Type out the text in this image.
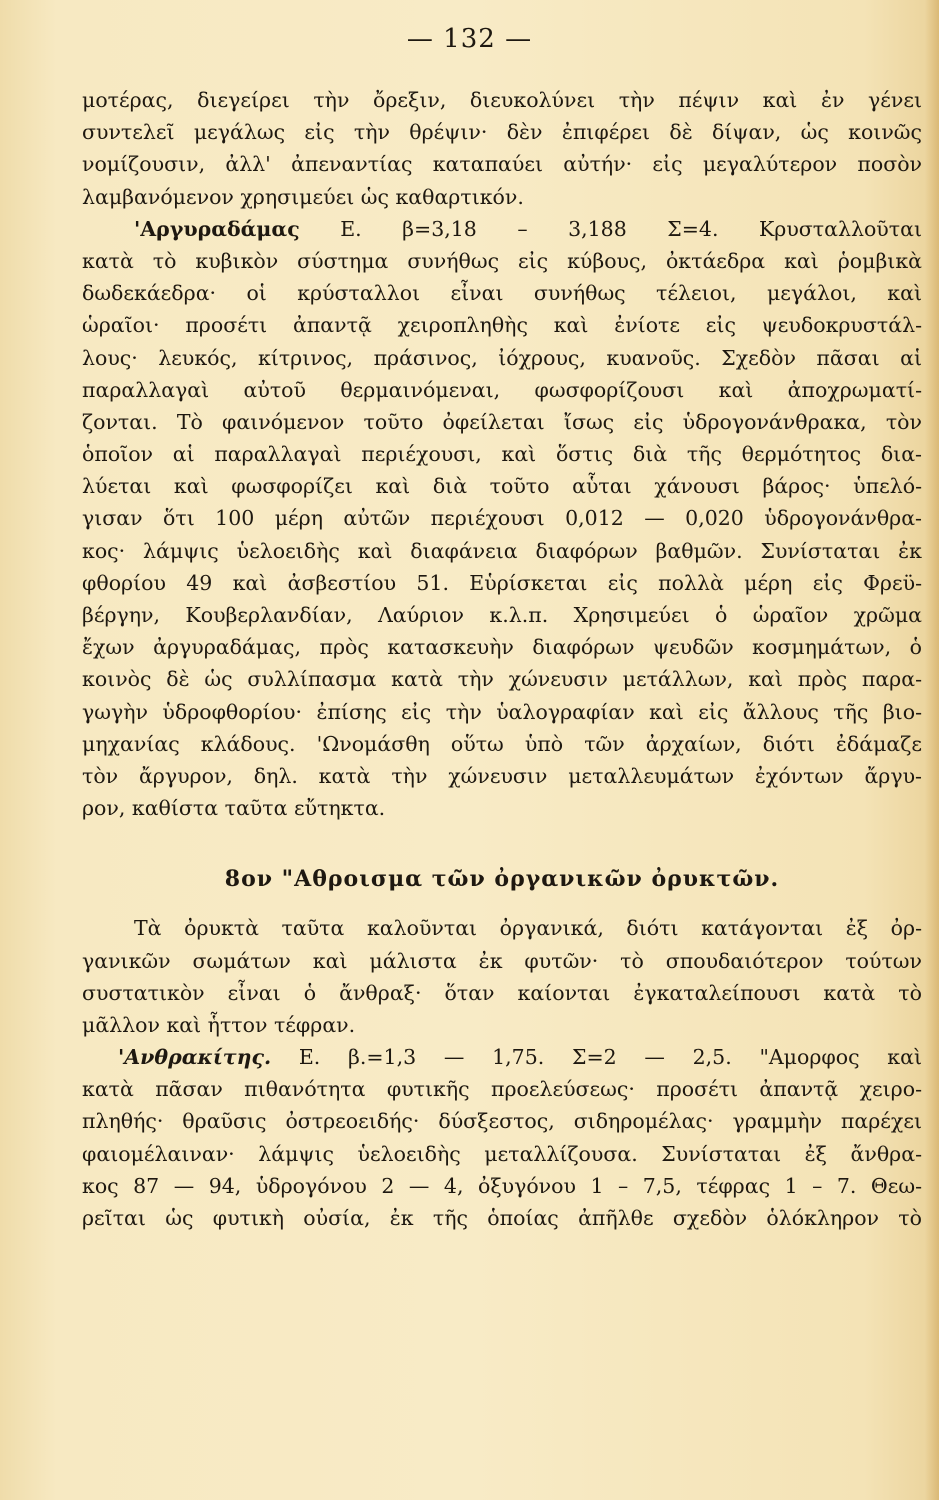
— 132 —
μοτέρας, διεγείρει τὴν ὄρεξιν, διευκολύνει τὴν πέψιν καὶ ἐν γένει
συντελεῖ μεγάλως εἰς τὴν θρέψιν· δὲν ἐπιφέρει δὲ δίψαν, ὡς κοινῶς
νομίζουσιν, ἀλλ' ἀπεναντίας καταπαύει αὐτήν· εἰς μεγαλύτερον ποσὸν
λαμβανόμενον χρησιμεύει ὡς καθαρτικόν.
'Αργυραδάμας Ε. β=3,18 – 3,188 Σ=4. Κρυσταλλοῦται
κατὰ τὸ κυβικὸν σύστημα συνήθως εἰς κύβους, ὀκτάεδρα καὶ ῥομβικὰ
δωδεκάεδρα· οἱ κρύσταλλοι εἶναι συνήθως τέλειοι, μεγάλοι, καὶ
ὡραῖοι· προσέτι ἀπαντᾷ χειροπληθὴς καὶ ἐνίοτε εἰς ψευδοκρυστάλ-
λους· λευκός, κίτρινος, πράσινος, ἰόχρους, κυανοῦς. Σχεδὸν πᾶσαι αἱ
παραλλαγαὶ αὐτοῦ θερμαινόμεναι, φωσφορίζουσι καὶ ἀποχρωματί-
ζονται. Τὸ φαινόμενον τοῦτο ὀφείλεται ἴσως εἰς ὑδρογονάνθρακα, τὸν
ὁποῖον αἱ παραλλαγαὶ περιέχουσι, καὶ ὅστις διὰ τῆς θερμότητος δια-
λύεται καὶ φωσφορίζει καὶ διὰ τοῦτο αὗται χάνουσι βάρος· ὑπελό-
γισαν ὅτι 100 μέρη αὐτῶν περιέχουσι 0,012 — 0,020 ὑδρογονάνθρα-
κος· λάμψις ὑελοειδὴς καὶ διαφάνεια διαφόρων βαθμῶν. Συνίσταται ἐκ
φθορίου 49 καὶ ἀσβεστίου 51. Εὑρίσκεται εἰς πολλὰ μέρη εἰς Φρεϋ-
βέργην, Κουβερλανδίαν, Λαύριον κ.λ.π. Χρησιμεύει ὁ ὡραῖον χρῶμα
ἔχων ἀργυραδάμας, πρὸς κατασκευὴν διαφόρων ψευδῶν κοσμημάτων, ὁ
κοινὸς δὲ ὡς συλλίπασμα κατὰ τὴν χώνευσιν μετάλλων, καὶ πρὸς παρα-
γωγὴν ὑδροφθορίου· ἐπίσης εἰς τὴν ὑαλογραφίαν καὶ εἰς ἄλλους τῆς βιο-
μηχανίας κλάδους. 'Ωνομάσθη οὕτω ὑπὸ τῶν ἀρχαίων, διότι ἐδάμαζε
τὸν ἄργυρον, δηλ. κατὰ τὴν χώνευσιν μεταλλευμάτων ἐχόντων ἄργυ-
ρον, καθίστα ταῦτα εὔτηκτα.
8ον "Αθροισμα τῶν ὀργανικῶν ὀρυκτῶν.
Τὰ ὀρυκτὰ ταῦτα καλοῦνται ὀργανικά, διότι κατάγονται ἐξ ὀρ-
γανικῶν σωμάτων καὶ μάλιστα ἐκ φυτῶν· τὸ σπουδαιότερον τούτων
συστατικὸν εἶναι ὁ ἄνθραξ· ὅταν καίονται ἐγκαταλείπουσι κατὰ τὸ
μᾶλλον καὶ ἧττον τέφραν.
'Ανθρακίτης. Ε. β.=1,3 — 1,75. Σ=2 — 2,5. "Αμορφος καὶ
κατὰ πᾶσαν πιθανότητα φυτικῆς προελεύσεως· προσέτι ἀπαντᾷ χειρο-
πληθής· θραῦσις ὀστρεοειδής· δύσξεστος, σιδηρομέλας· γραμμὴν παρέχει
φαιομέλαιναν· λάμψις ὑελοειδὴς μεταλλίζουσα. Συνίσταται ἐξ ἄνθρα-
κος 87 — 94, ὑδρογόνου 2 — 4, ὀξυγόνου 1 – 7,5, τέφρας 1 – 7. Θεω-
ρεῖται ὡς φυτικὴ οὐσία, ἐκ τῆς ὁποίας ἀπῆλθε σχεδὸν ὁλόκληρον τὸ
